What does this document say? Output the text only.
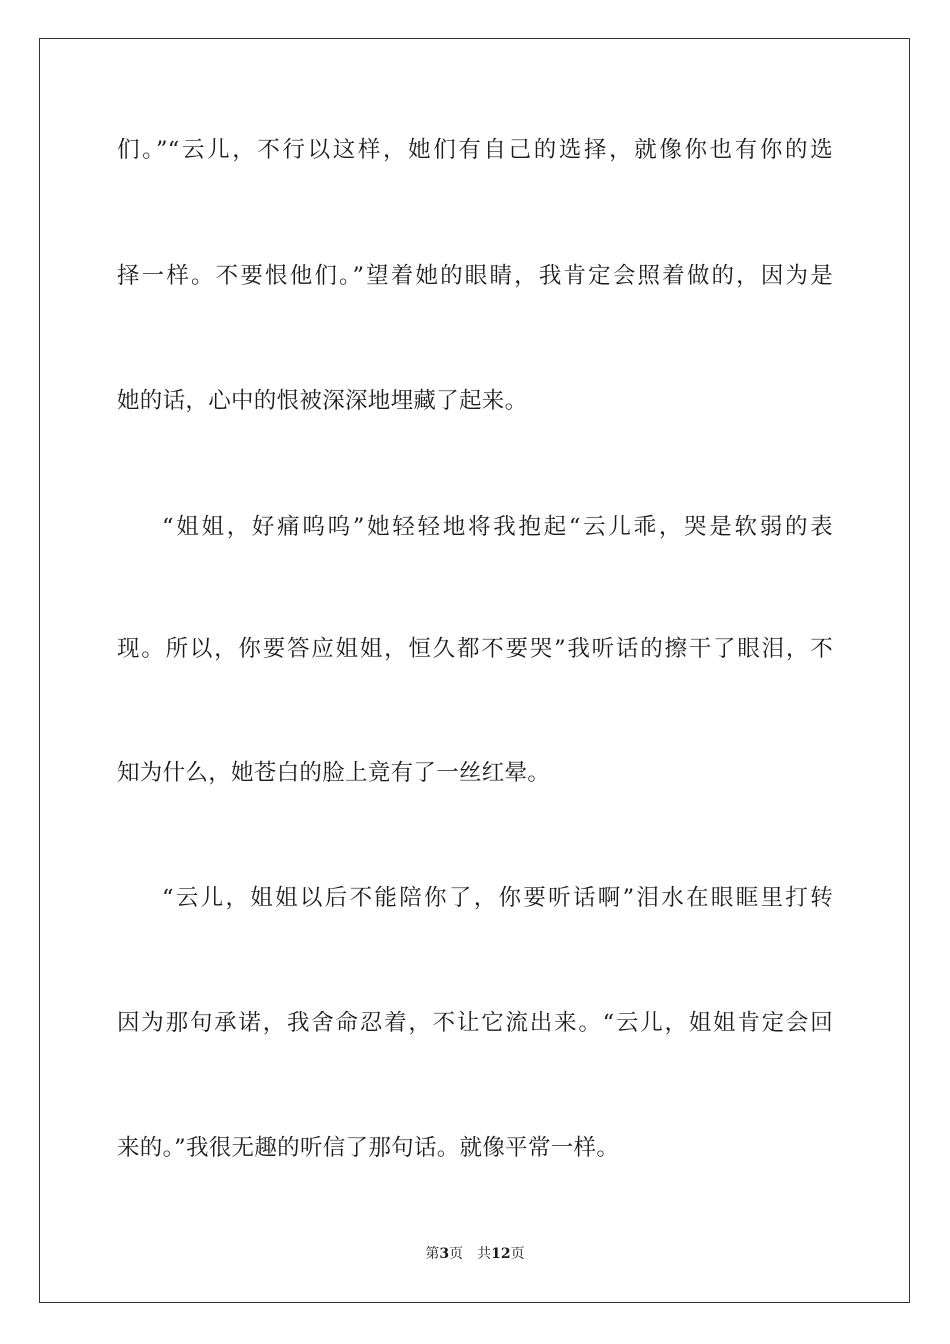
们。”“云儿，不行以这样，她们有自己的选择，就像你也有你的选
择一样。不要恨他们。”望着她的眼睛，我肯定会照着做的，因为是
她的话，心中的恨被深深地埋藏了起来。
“姐姐，好痛呜呜”她轻轻地将我抱起“云儿乖，哭是软弱的表
现。所以，你要答应姐姐，恒久都不要哭”我听话的擦干了眼泪，不
知为什么，她苍白的脸上竟有了一丝红晕。
“云儿，姐姐以后不能陪你了，你要听话啊”泪水在眼眶里打转
因为那句承诺，我舍命忍着，不让它流出来。“云儿，姐姐肯定会回
来的。”我很无趣的听信了那句话。就像平常一样。
第3页 共12页
